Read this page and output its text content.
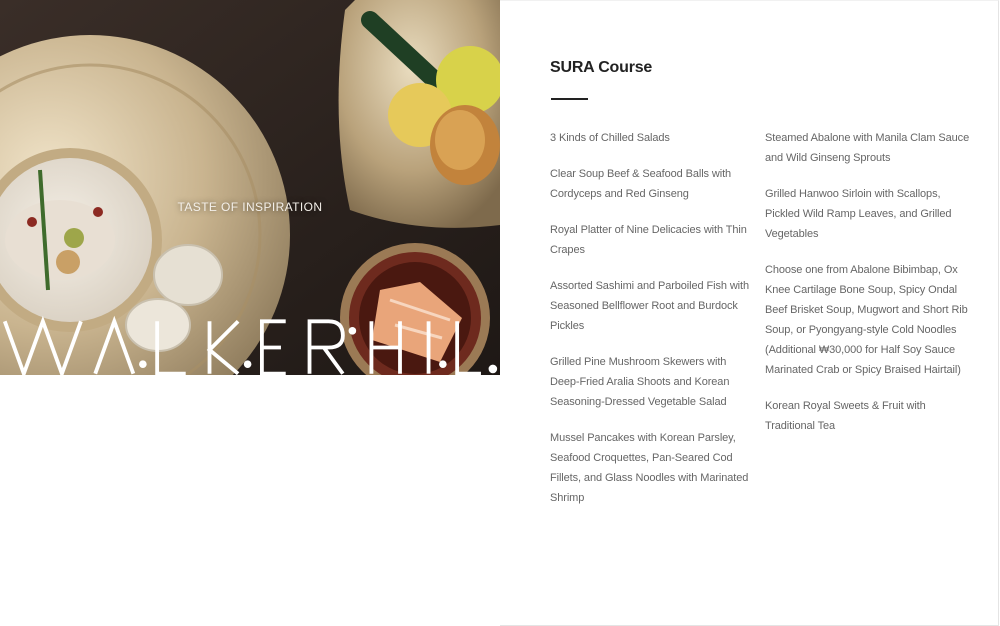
TASTE OF INSPIRATION
SURA Course
3 Kinds of Chilled Salads
Clear Soup Beef & Seafood Balls with Cordyceps and Red Ginseng
Royal Platter of Nine Delicacies with Thin Crapes
Assorted Sashimi and Parboiled Fish with Seasoned Bellflower Root and Burdock Pickles
Grilled Pine Mushroom Skewers with Deep-Fried Aralia Shoots and Korean Seasoning-Dressed Vegetable Salad
Mussel Pancakes with Korean Parsley, Seafood Croquettes, Pan-Seared Cod Fillets, and Glass Noodles with Marinated Shrimp
Steamed Abalone with Manila Clam Sauce and Wild Ginseng Sprouts
Grilled Hanwoo Sirloin with Scallops, Pickled Wild Ramp Leaves, and Grilled Vegetables
Choose one from Abalone Bibimbap, Ox Knee Cartilage Bone Soup, Spicy Ondal Beef Brisket Soup, Mugwort and Short Rib Soup, or Pyongyang-style Cold Noodles (Additional ₩30,000 for Half Soy Sauce Marinated Crab or Spicy Braised Hairtail)
Korean Royal Sweets & Fruit with Traditional Tea
